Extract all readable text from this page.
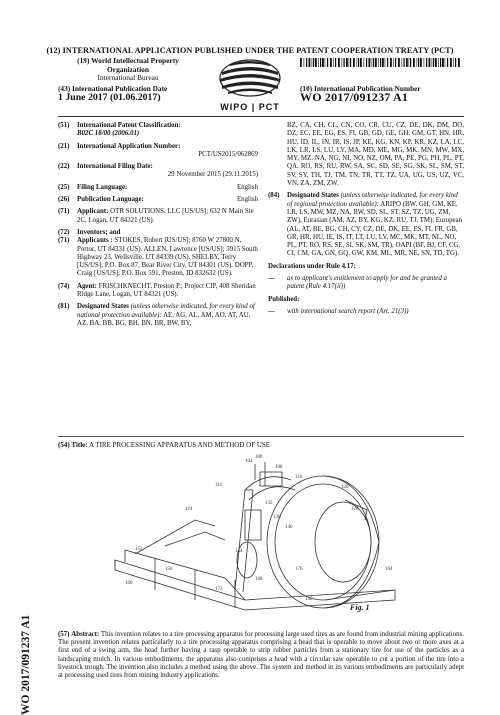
(12) INTERNATIONAL APPLICATION PUBLISHED UNDER THE PATENT COOPERATION TREATY (PCT)
(19) World Intellectual Property
Organization
International Bureau
WIPO | PCT
(43) International Publication Date
1 June 2017 (01.06.2017)
(10) International Publication Number
WO 2017/091237 A1

(51) International Patent Classification:
B02C 18/00 (2006.01)

(21) International Application Number:

PCT/US2015/062869

(22) International Filing Date:

29 November 2015 (29.11.2015)

(25) Filing Language:	English

(26) Publication Language:	English

(71)	Applicant: OTR SOLUTIONS, LLC [US/US]; 632 N Main Ste 2C, Logan, UT 84321 (US).

(72) Inventors; and

(71)	Applicants : STOKES, Robert [US/US]; 8760 W 27800 N, Portor, UT 84331 (US). ALLEN, Lawrence [US/US]; 3915 South Highway 23, Wellsville, UT 84339 (US). SHELBY, Terry [US/US]; P.O. Box 87, Bear River City, UT 84301 (US). DOPP, Craig [US/US]; P.O. Box 591, Preston, ID 832632 (US).

(74)	Agent: FRISCHKNECHT, Preston P.; Project CIP, 408 Sheridan Ridge Lane, Logan, UT 84321 (US).

(81)	Designated States (unless otherwise indicated, for every kind of national protection available): AE, AG, AL, AM, AO, AT, AU, AZ, BA, BB, BG, BH, BN, BR, BW, BY,

BZ, CA, CH, CL, CN, CO, CR, CU, CZ, DE, DK, DM, DO, DZ, EC, EE, EG, ES, FI, GB, GD, GE, GH, GM, GT, HN, HR, HU, ID, IL, IN, IR, IS, JP, KE, KG, KN, KP, KR, KZ, LA, LC, LK, LR, LS, LU, LY, MA, MD, ME, MG, MK, MN, MW, MX, MY, MZ, NA, NG, NI, NO, NZ, OM, PA, PE, PG, PH, PL, PT, QA, RO, RS, RU, RW, SA, SC, SD, SE, SG, SK, SL, SM, ST, SV, SY, TH, TJ, TM, TN, TR, TT, TZ, UA, UG, US, UZ, VC, VN, ZA, ZM, ZW.

(84)	Designated States (unless otherwise indicated, for every kind of regional protection available): ARIPO (BW, GH, GM, KE, LR, LS, MW, MZ, NA, RW, SD, SL, ST, SZ, TZ, UG, ZM, ZW), Eurasian (AM, AZ, BY, KG, KZ, RU, TJ, TM), European (AL, AT, BE, BG, CH, CY, CZ, DE, DK, EE, ES, FI, FR, GB, GR, HR, HU, IE, IS, IT, LT, LU, LV, MC, MK, MT, NL, NO, PL, PT, RO, RS, SE, SI, SK, SM, TR), OAPI (BF, BJ, CF, CG, CI, CM, GA, GN, GQ, GW, KM, ML, MR, NE, SN, TD, TG).

Declarations under Rule 4.17:

—	as to applicant's entitlement to apply for and be granted a patent (Rule 4.17(ii))

Published:

—	with international search report (Art. 21(3))

(54) Title: A TIRE PROCESSING APPARATUS AND METHOD OF USE
100
104
108
112
116
120
124	128
132
136
140
144
148
152
156
160
164
168
172
176
Fig. 1
(57) Abstract: This invention relates to a tire processing apparatus for processing large used tires as are found from industrial mining applications. The present invention relates particularly to a tire processing apparatus comprising a head that is operable to move about two or more axes at a first end of a swing arm, the head further having a rasp operable to strip rubber particles from a stationary tire for use of the particles as a landscaping mulch. In various embodiments, the apparatus also comprises a head with a circular saw operable to cut a portion of the tire into a livestock trough. The invention also includes a method using the above. The system and method in its various embodiments are particularly adept at processing used tires from mining industry applications.
WO 2017/091237 A1
